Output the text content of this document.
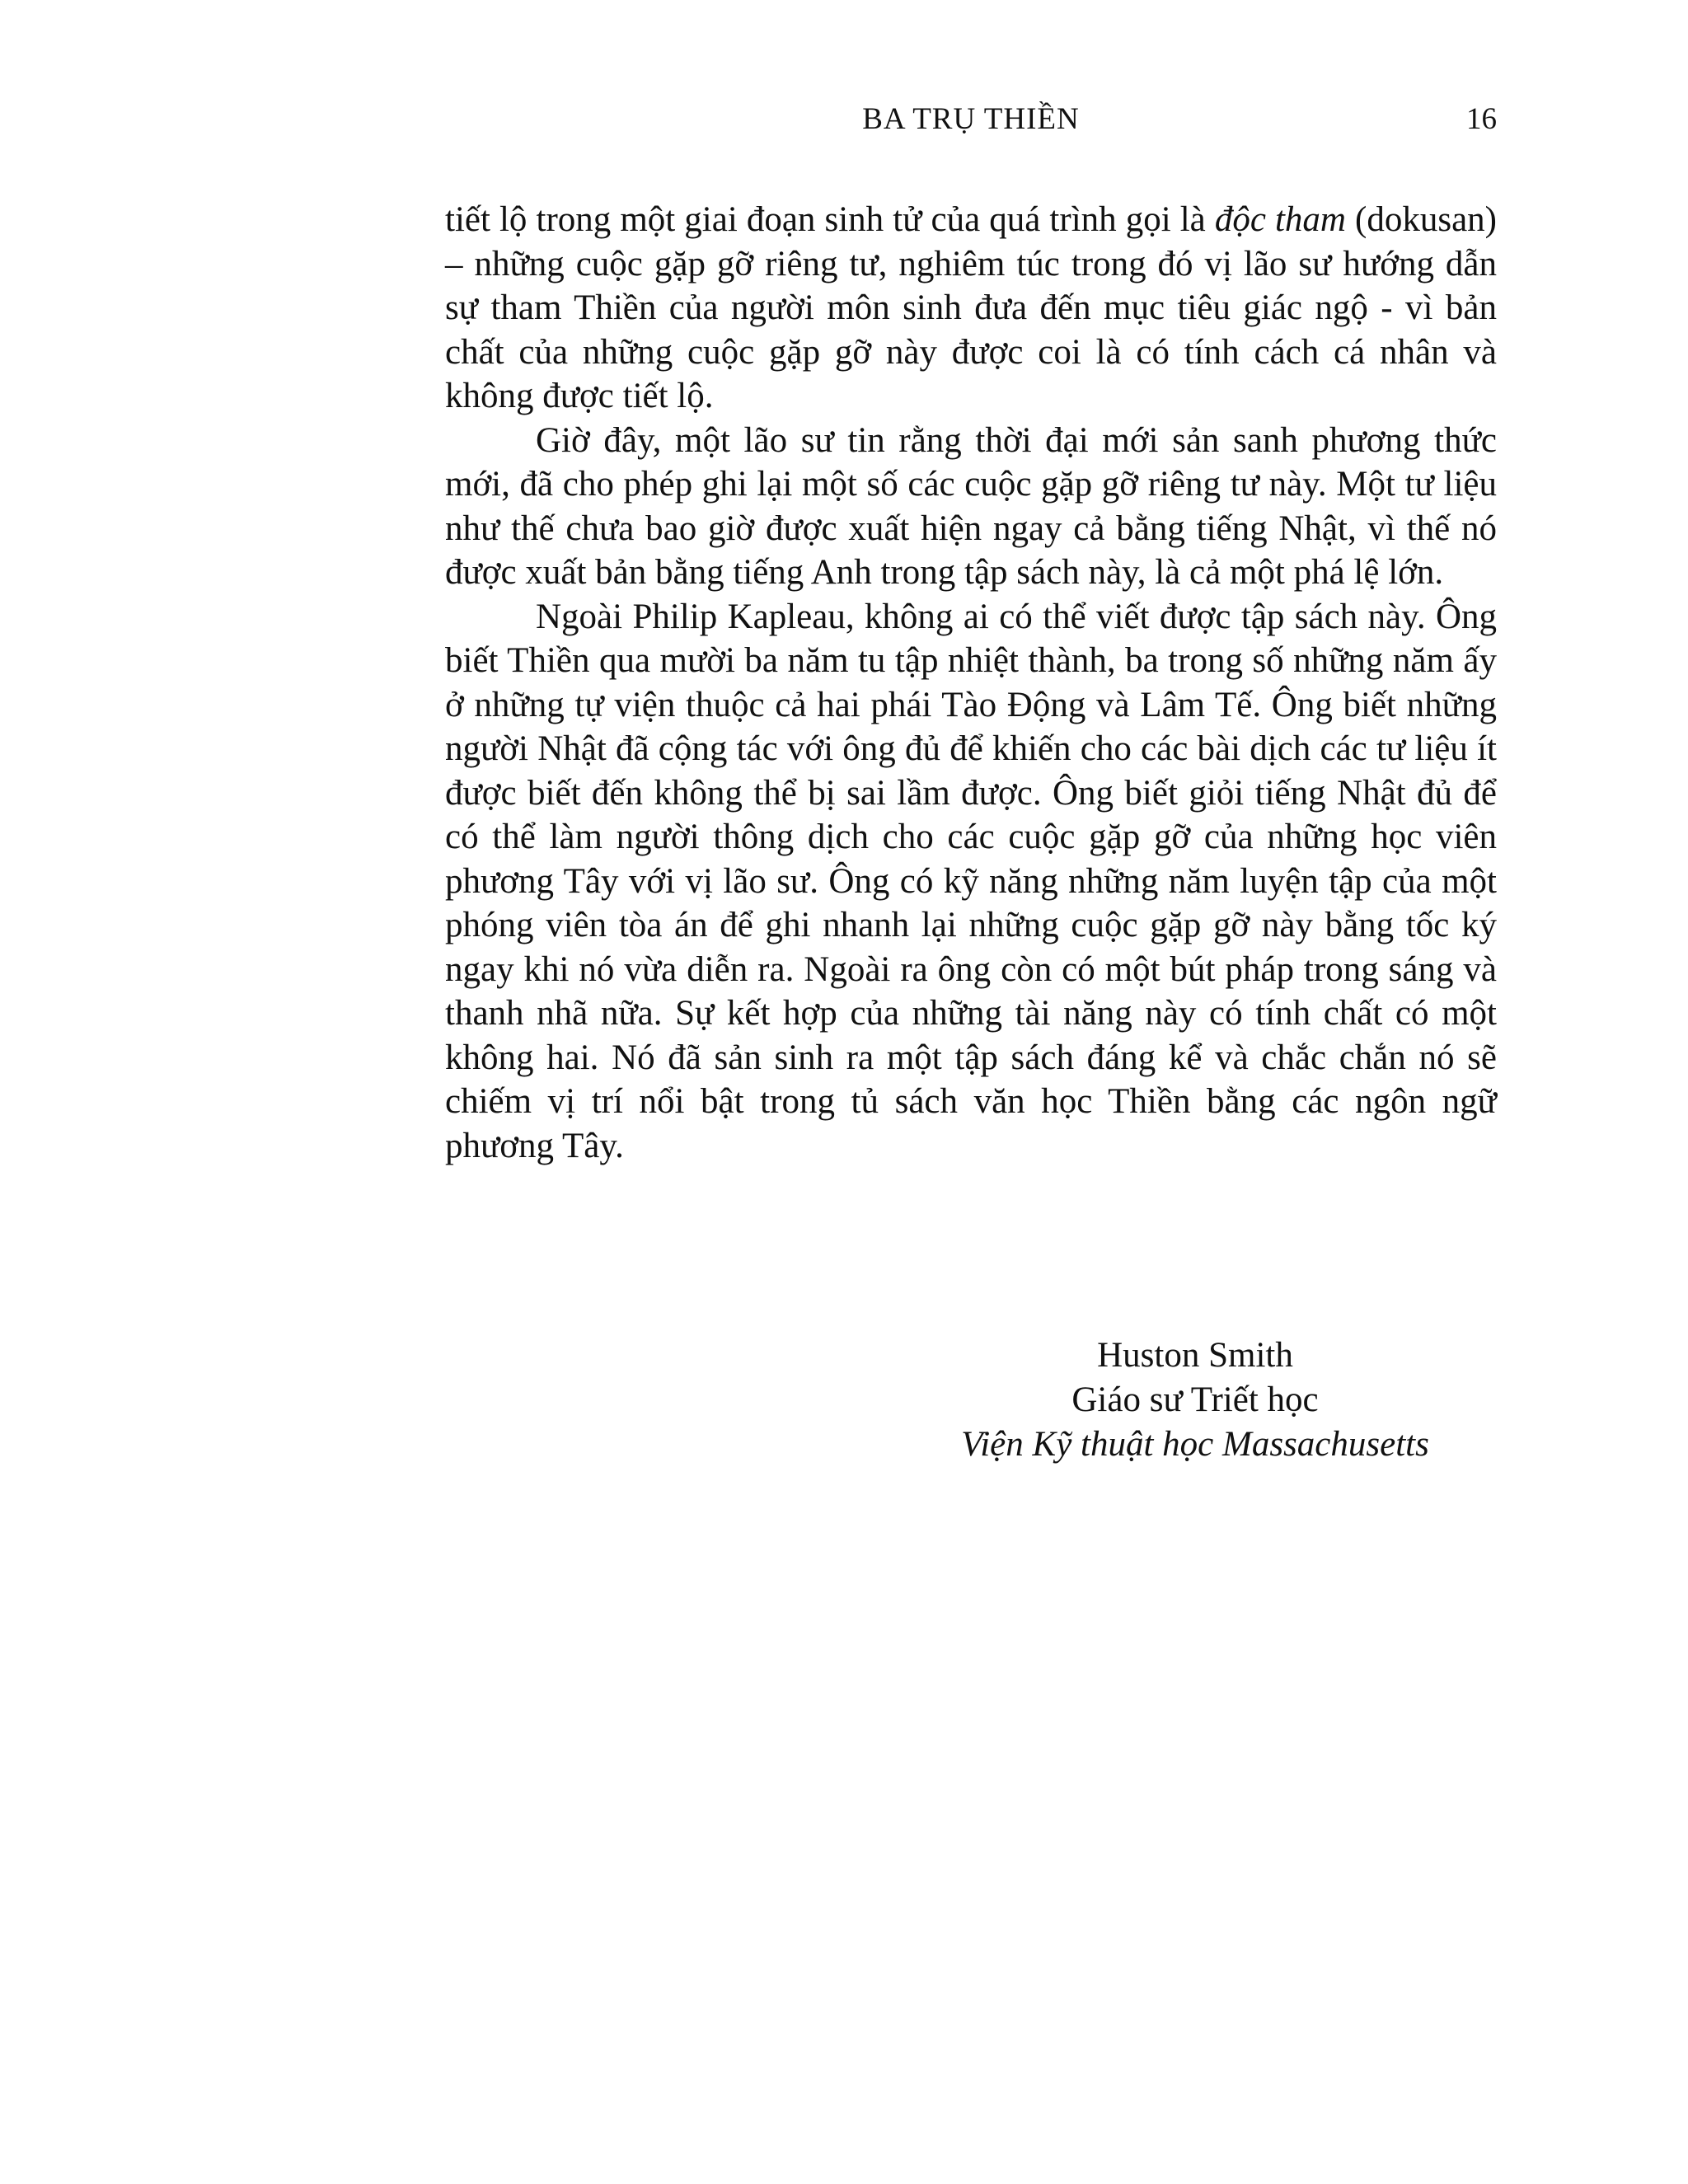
BA TRỤ THIỀN	16

tiết lộ trong một giai đoạn sinh tử của quá trình gọi là độc tham (dokusan) – những cuộc gặp gỡ riêng tư, nghiêm túc trong đó vị lão sư hướng dẫn sự tham Thiền của người môn sinh đưa đến mục tiêu giác ngộ - vì bản chất của những cuộc gặp gỡ này được coi là có tính cách cá nhân và không được tiết lộ.

Giờ đây, một lão sư tin rằng thời đại mới sản sanh phương thức mới, đã cho phép ghi lại một số các cuộc gặp gỡ riêng tư này. Một tư liệu như thế chưa bao giờ được xuất hiện ngay cả bằng tiếng Nhật, vì thế nó được xuất bản bằng tiếng Anh trong tập sách này, là cả một phá lệ lớn.

Ngoài Philip Kapleau, không ai có thể viết được tập sách này. Ông biết Thiền qua mười ba năm tu tập nhiệt thành, ba trong số những năm ấy ở những tự viện thuộc cả hai phái Tào Động và Lâm Tế. Ông biết những người Nhật đã cộng tác với ông đủ để khiến cho các bài dịch các tư liệu ít được biết đến không thể bị sai lầm được. Ông biết giỏi tiếng Nhật đủ để có thể làm người thông dịch cho các cuộc gặp gỡ của những học viên phương Tây với vị lão sư. Ông có kỹ năng những năm luyện tập của một phóng viên tòa án để ghi nhanh lại những cuộc gặp gỡ này bằng tốc ký ngay khi nó vừa diễn ra. Ngoài ra ông còn có một bút pháp trong sáng và thanh nhã nữa. Sự kết hợp của những tài năng này có tính chất có một không hai. Nó đã sản sinh ra một tập sách đáng kể và chắc chắn nó sẽ chiếm vị trí nổi bật trong tủ sách văn học Thiền bằng các ngôn ngữ phương Tây.

Huston Smith
Giáo sư Triết học
Viện Kỹ thuật học Massachusetts
